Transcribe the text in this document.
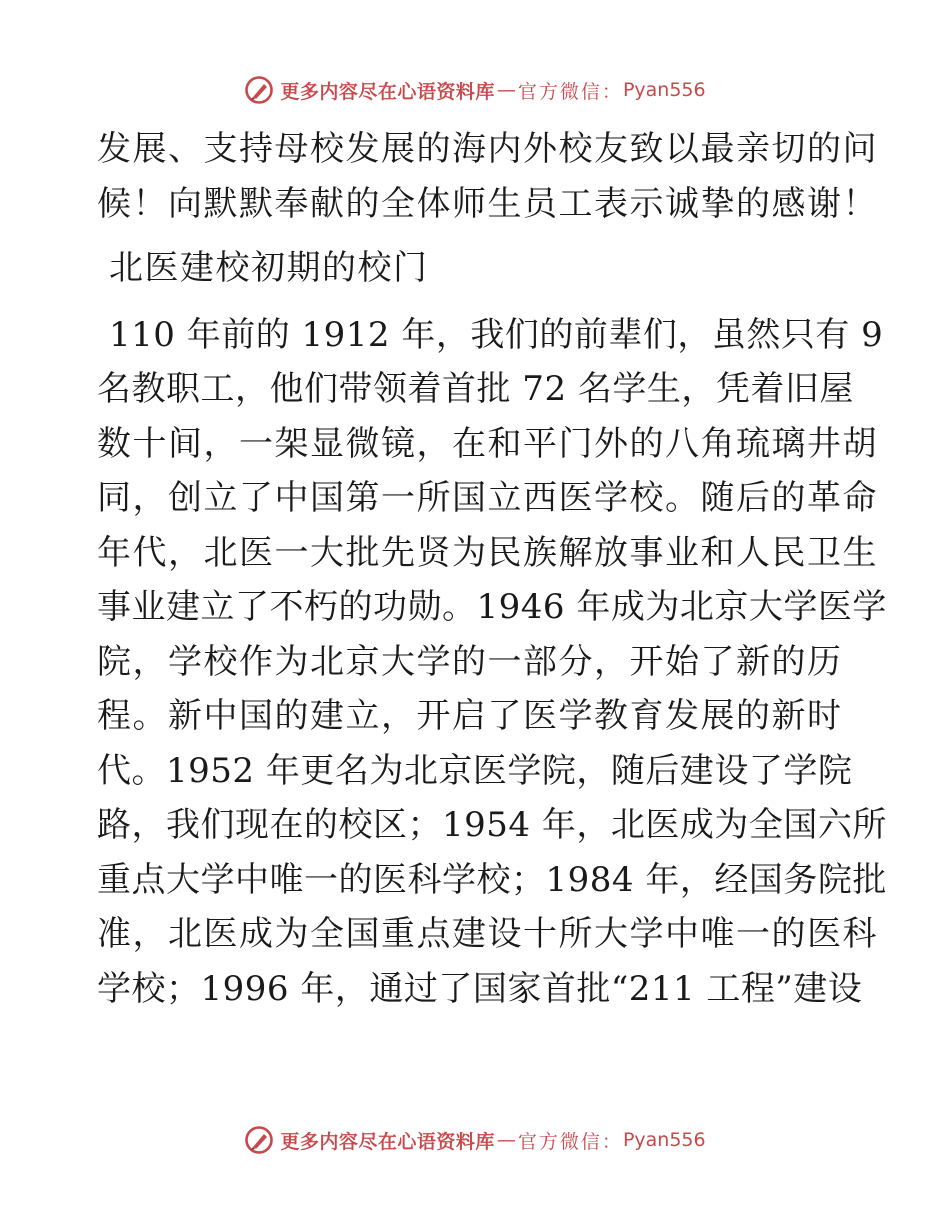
更多内容尽在心语资料库 — 官方微信： Pyan556
发展、支持母校发展的海内外校友致以最亲切的问
候！向默默奉献的全体师生员工表示诚挚的感谢！
北医建校初期的校门
110 年前的 1912 年，我们的前辈们，虽然只有 9
名教职工，他们带领着首批 72 名学生，凭着旧屋
数十间，一架显微镜，在和平门外的八角琉璃井胡
同，创立了中国第一所国立西医学校。随后的革命
年代，北医一大批先贤为民族解放事业和人民卫生
事业建立了不朽的功勋。1946 年成为北京大学医学
院，学校作为北京大学的一部分，开始了新的历
程。新中国的建立，开启了医学教育发展的新时
代。1952 年更名为北京医学院，随后建设了学院
路，我们现在的校区；1954 年，北医成为全国六所
重点大学中唯一的医科学校；1984 年，经国务院批
准，北医成为全国重点建设十所大学中唯一的医科
学校；1996 年，通过了国家首批“211 工程”建设
更多内容尽在心语资料库 — 官方微信： Pyan556
